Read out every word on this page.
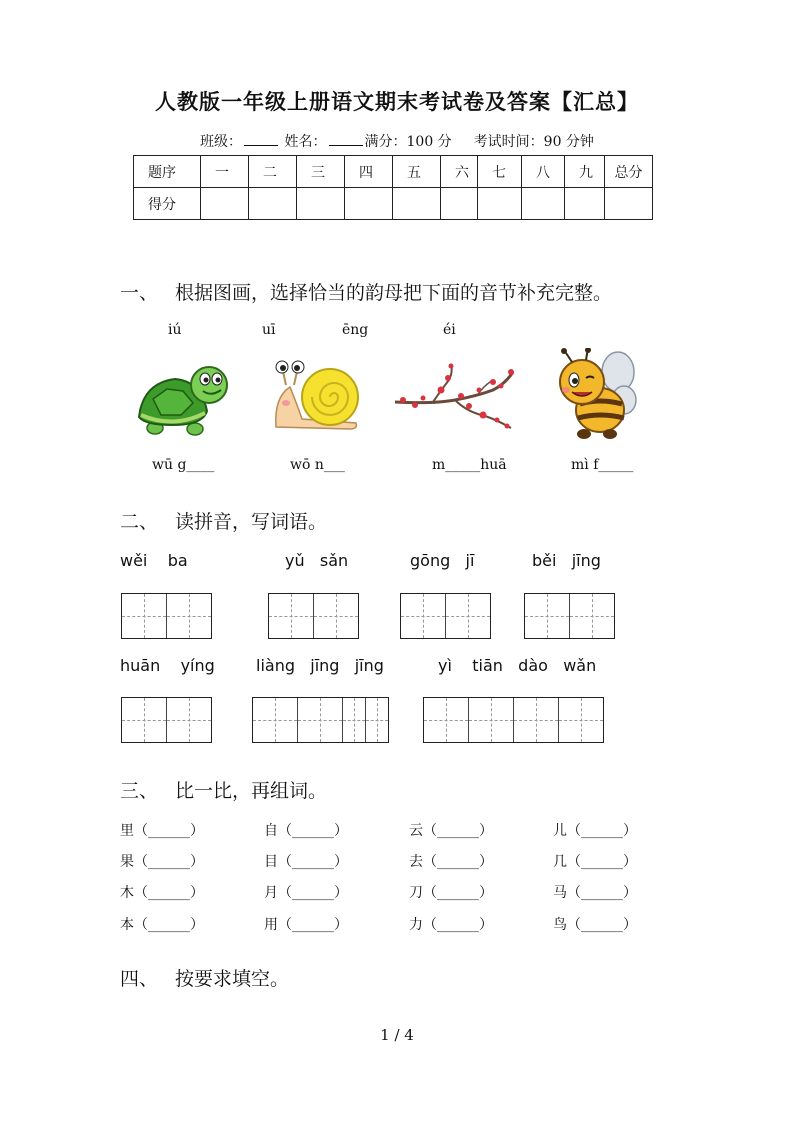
人教版一年级上册语文期末考试卷及答案【汇总】
班级：	姓名：	满分：100 分 考试时间：90 分钟
题序	一	二	三	四	五	六	七	八	九	总分
得分										
一、 根据图画，选择恰当的韵母把下面的音节补充完整。
iú	uī	ēng	éi
wū g____	wō n___	m_____huā	mì f_____
二、 读拼音，写词语。
wěi    ba	yǔ   sǎn	gōng   jī	běi   jīng
huān    yíng	liàng   jīng   jīng	yì    tiān   dào   wǎn
三、 比一比，再组词。
里（______）	自（______）	云（______）	儿（______）
果（______）	目（______）	去（______）	几（______）
木（______）	月（______）	刀（______）	马（______）
本（______）	用（______）	力（______）	鸟（______）
四、 按要求填空。
1 / 4
